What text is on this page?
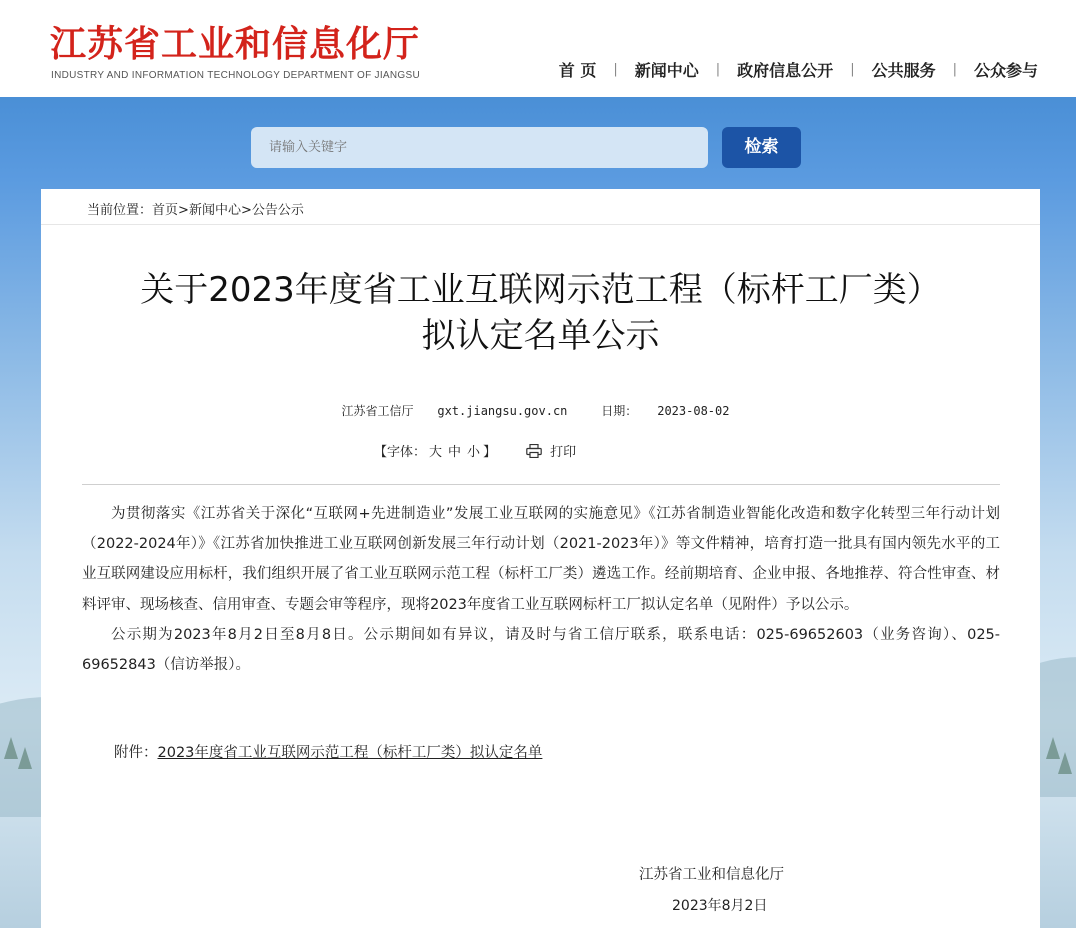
江苏省工业和信息化厅
INDUSTRY AND INFORMATION TECHNOLOGY DEPARTMENT OF JIANGSU	首 页 | 新闻中心 | 政府信息公开 | 公共服务 | 公众参与
请输入关键字
检索
当前位置：首页>新闻中心>公告公示
关于2023年度省工业互联网示范工程（标杆工厂类）
拟认定名单公示
江苏省工信厅 gxt.jiangsu.gov.cn	日期： 2023-08-02
【字体： 大 中 小 】	打印

为贯彻落实《江苏省关于深化“互联网+先进制造业”发展工业互联网的实施意见》《江苏省制造业智能化改造和数字化转型三年行动计划（2022-2024年）》《江苏省加快推进工业互联网创新发展三年行动计划（2021-2023年）》等文件精神，培育打造一批具有国内领先水平的工业互联网建设应用标杆，我们组织开展了省工业互联网示范工程（标杆工厂类）遴选工作。经前期培育、企业申报、各地推荐、符合性审查、材料评审、现场核查、信用审查、专题会审等程序，现将2023年度省工业互联网标杆工厂拟认定名单（见附件）予以公示。

公示期为2023年8月2日至8月8日。公示期间如有异议，请及时与省工信厅联系，联系电话：025-69652603（业务咨询）、025-69652843（信访举报）。

附件：2023年度省工业互联网示范工程（标杆工厂类）拟认定名单
江苏省工业和信息化厅
2023年8月2日
